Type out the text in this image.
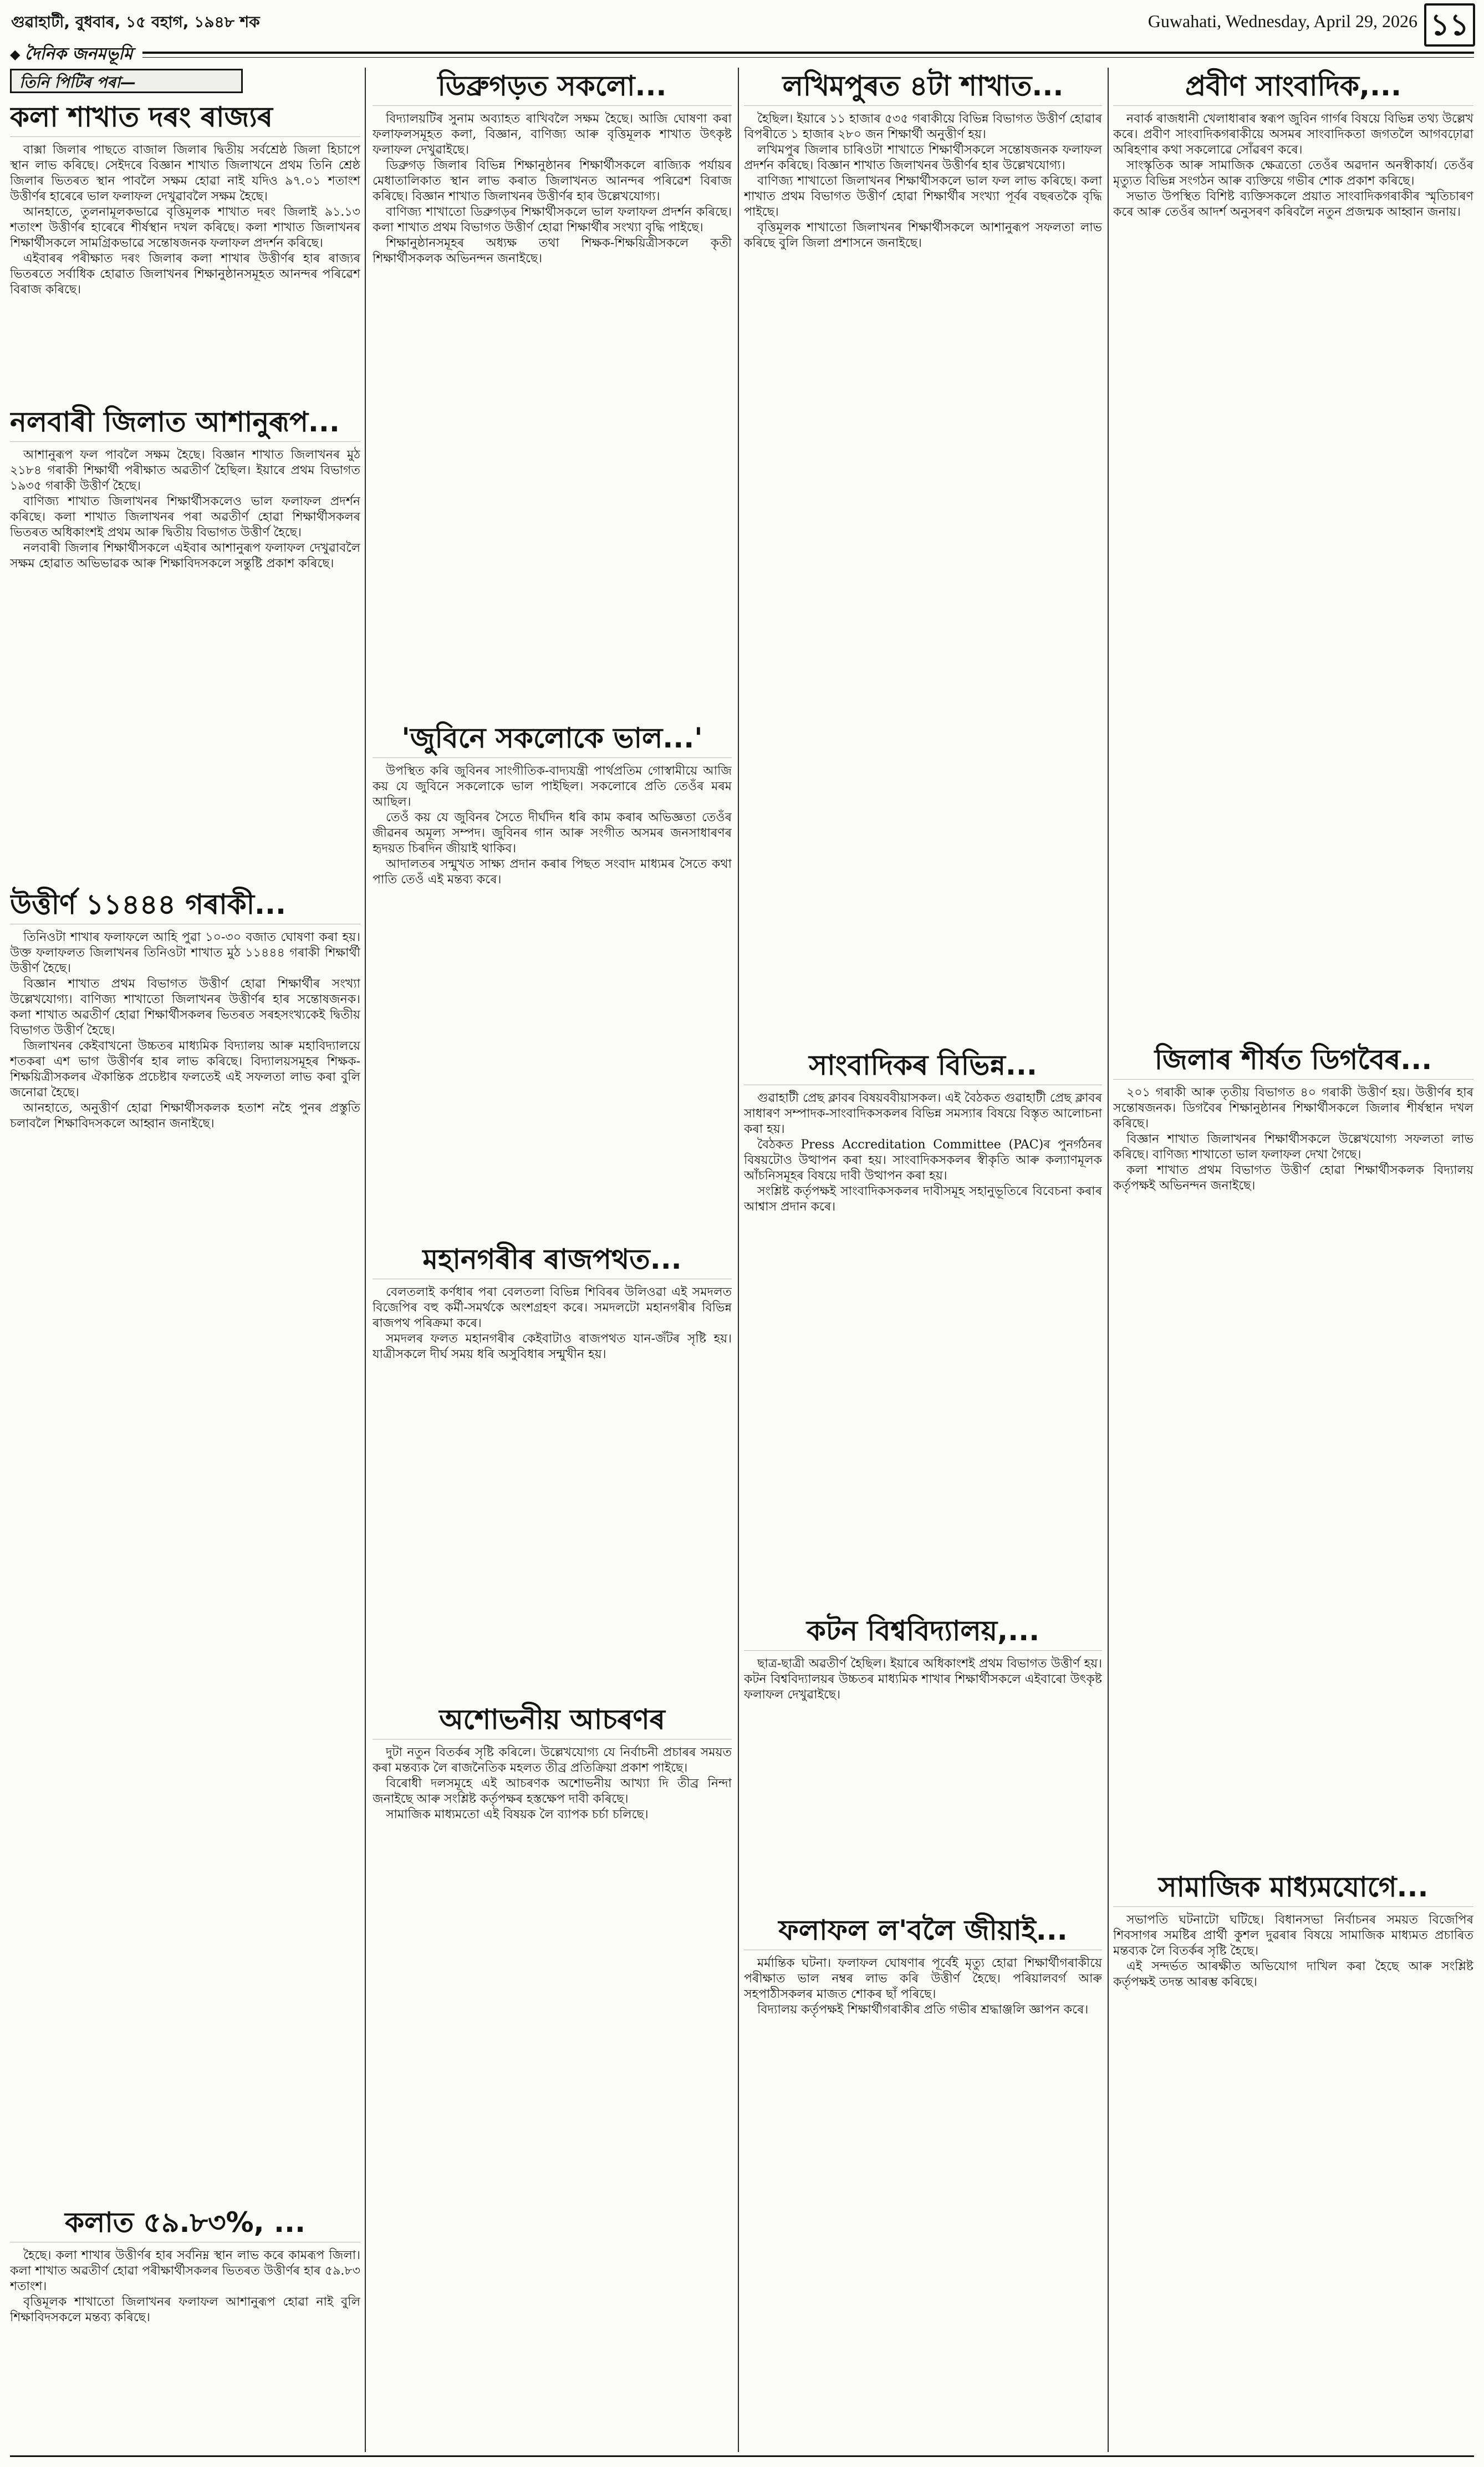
গুৱাহাটী, বুধবাৰ, ১৫ বহাগ, ১৯৪৮ শক	Guwahati, Wednesday, April 29, 2026 ১১
◆ দৈনিক জনমভূমি
তিনি পিটিৰ পৰা—
কলা শাখাত দৰং ৰাজ্যৰ

বাক্সা জিলাৰ পাছতে বাজাল জিলাৰ দ্বিতীয় সৰ্বশ্ৰেষ্ঠ জিলা হিচাপে স্থান লাভ কৰিছে। সেইদৰে বিজ্ঞান শাখাত জিলাখনে প্ৰথম তিনি শ্ৰেষ্ঠ জিলাৰ ভিতৰত স্থান পাবলৈ সক্ষম হোৱা নাই যদিও ৯৭.০১ শতাংশ উত্তীৰ্ণৰ হাৰেৰে ভাল ফলাফল দেখুৱাবলৈ সক্ষম হৈছে।

আনহাতে, তুলনামূলকভাৱে বৃত্তিমূলক শাখাত দৰং জিলাই ৯১.১৩ শতাংশ উত্তীৰ্ণৰ হাৰেৰে শীৰ্ষস্থান দখল কৰিছে। কলা শাখাত জিলাখনৰ শিক্ষাৰ্থীসকলে সামগ্ৰিকভাৱে সন্তোষজনক ফলাফল প্ৰদৰ্শন কৰিছে।

এইবাৰৰ পৰীক্ষাত দৰং জিলাৰ কলা শাখাৰ উত্তীৰ্ণৰ হাৰ ৰাজ্যৰ ভিতৰতে সৰ্বাধিক হোৱাত জিলাখনৰ শিক্ষানুষ্ঠানসমূহত আনন্দৰ পৰিৱেশ বিৰাজ কৰিছে।

নলবাৰী জিলাত আশানুৰূপ...

আশানুৰূপ ফল পাবলৈ সক্ষম হৈছে। বিজ্ঞান শাখাত জিলাখনৰ মুঠ ২১৮৪ গৰাকী শিক্ষাৰ্থী পৰীক্ষাত অৱতীৰ্ণ হৈছিল। ইয়াৰে প্ৰথম বিভাগত ১৯৩৫ গৰাকী উত্তীৰ্ণ হৈছে।

বাণিজ্য শাখাত জিলাখনৰ শিক্ষাৰ্থীসকলেও ভাল ফলাফল প্ৰদৰ্শন কৰিছে। কলা শাখাত জিলাখনৰ পৰা অৱতীৰ্ণ হোৱা শিক্ষাৰ্থীসকলৰ ভিতৰত অধিকাংশই প্ৰথম আৰু দ্বিতীয় বিভাগত উত্তীৰ্ণ হৈছে।

নলবাৰী জিলাৰ শিক্ষাৰ্থীসকলে এইবাৰ আশানুৰূপ ফলাফল দেখুৱাবলৈ সক্ষম হোৱাত অভিভাৱক আৰু শিক্ষাবিদসকলে সন্তুষ্টি প্ৰকাশ কৰিছে।

উত্তীৰ্ণ ১১৪৪৪ গৰাকী...

তিনিওটা শাখাৰ ফলাফলে আহি পুৱা ১০-৩০ বজাত ঘোষণা কৰা হয়। উক্ত ফলাফলত জিলাখনৰ তিনিওটা শাখাত মুঠ ১১৪৪৪ গৰাকী শিক্ষাৰ্থী উত্তীৰ্ণ হৈছে।

বিজ্ঞান শাখাত প্ৰথম বিভাগত উত্তীৰ্ণ হোৱা শিক্ষাৰ্থীৰ সংখ্যা উল্লেখযোগ্য। বাণিজ্য শাখাতো জিলাখনৰ উত্তীৰ্ণৰ হাৰ সন্তোষজনক। কলা শাখাত অৱতীৰ্ণ হোৱা শিক্ষাৰ্থীসকলৰ ভিতৰত সৰহসংখ্যকেই দ্বিতীয় বিভাগত উত্তীৰ্ণ হৈছে।

জিলাখনৰ কেইবাখনো উচ্চতৰ মাধ্যমিক বিদ্যালয় আৰু মহাবিদ্যালয়ে শতকৰা এশ ভাগ উত্তীৰ্ণৰ হাৰ লাভ কৰিছে। বিদ্যালয়সমূহৰ শিক্ষক-শিক্ষয়িত্ৰীসকলৰ ঐকান্তিক প্ৰচেষ্টাৰ ফলতেই এই সফলতা লাভ কৰা বুলি জনোৱা হৈছে।

আনহাতে, অনুত্তীৰ্ণ হোৱা শিক্ষাৰ্থীসকলক হতাশ নহৈ পুনৰ প্ৰস্তুতি চলাবলৈ শিক্ষাবিদসকলে আহ্বান জনাইছে।

কলাত ৫৯.৮৩%, ...

হৈছে। কলা শাখাৰ উত্তীৰ্ণৰ হাৰ সৰ্বনিম্ন স্থান লাভ কৰে কামৰূপ জিলা। কলা শাখাত অৱতীৰ্ণ হোৱা পৰীক্ষাৰ্থীসকলৰ ভিতৰত উত্তীৰ্ণৰ হাৰ ৫৯.৮৩ শতাংশ।

বৃত্তিমূলক শাখাতো জিলাখনৰ ফলাফল আশানুৰূপ হোৱা নাই বুলি শিক্ষাবিদসকলে মন্তব্য কৰিছে।

ডিব্ৰুগড়ত সকলো...

বিদ্যালয়টিৰ সুনাম অব্যাহত ৰাখিবলৈ সক্ষম হৈছে। আজি ঘোষণা কৰা ফলাফলসমূহত কলা, বিজ্ঞান, বাণিজ্য আৰু বৃত্তিমূলক শাখাত উৎকৃষ্ট ফলাফল দেখুৱাইছে।

ডিব্ৰুগড় জিলাৰ বিভিন্ন শিক্ষানুষ্ঠানৰ শিক্ষাৰ্থীসকলে ৰাজ্যিক পৰ্যায়ৰ মেধাতালিকাত স্থান লাভ কৰাত জিলাখনত আনন্দৰ পৰিৱেশ বিৰাজ কৰিছে। বিজ্ঞান শাখাত জিলাখনৰ উত্তীৰ্ণৰ হাৰ উল্লেখযোগ্য।

বাণিজ্য শাখাতো ডিব্ৰুগড়ৰ শিক্ষাৰ্থীসকলে ভাল ফলাফল প্ৰদৰ্শন কৰিছে। কলা শাখাত প্ৰথম বিভাগত উত্তীৰ্ণ হোৱা শিক্ষাৰ্থীৰ সংখ্যা বৃদ্ধি পাইছে।

শিক্ষানুষ্ঠানসমূহৰ অধ্যক্ষ তথা শিক্ষক-শিক্ষয়িত্ৰীসকলে কৃতী শিক্ষাৰ্থীসকলক অভিনন্দন জনাইছে।

'জুবিনে সকলোকে ভাল...'

উপস্থিত কৰি জুবিনৰ সাংগীতিক-বাদ্যযন্ত্ৰী পাৰ্থপ্ৰতিম গোস্বামীয়ে আজি কয় যে জুবিনে সকলোকে ভাল পাইছিল। সকলোৰে প্ৰতি তেওঁৰ মৰম আছিল।

তেওঁ কয় যে জুবিনৰ সৈতে দীৰ্ঘদিন ধৰি কাম কৰাৰ অভিজ্ঞতা তেওঁৰ জীৱনৰ অমূল্য সম্পদ। জুবিনৰ গান আৰু সংগীত অসমৰ জনসাধাৰণৰ হৃদয়ত চিৰদিন জীয়াই থাকিব।

আদালতৰ সন্মুখত সাক্ষ্য প্ৰদান কৰাৰ পিছত সংবাদ মাধ্যমৰ সৈতে কথা পাতি তেওঁ এই মন্তব্য কৰে।

মহানগৰীৰ ৰাজপথত...

বেলতলাই কৰ্ণধাৰ পৰা বেলতলা বিভিন্ন শিবিৰৰ উলিওৱা এই সমদলত বিজেপিৰ বহু কৰ্মী-সমৰ্থকে অংশগ্ৰহণ কৰে। সমদলটো মহানগৰীৰ বিভিন্ন ৰাজপথ পৰিক্ৰমা কৰে।

সমদলৰ ফলত মহানগৰীৰ কেইবাটাও ৰাজপথত যান-জঁটৰ সৃষ্টি হয়। যাত্ৰীসকলে দীৰ্ঘ সময় ধৰি অসুবিধাৰ সন্মুখীন হয়।

অশোভনীয় আচৰণৰ

দুটা নতুন বিতৰ্কৰ সৃষ্টি কৰিলে। উল্লেখযোগ্য যে নিৰ্বাচনী প্ৰচাৰৰ সময়ত কৰা মন্তব্যক লৈ ৰাজনৈতিক মহলত তীব্ৰ প্ৰতিক্ৰিয়া প্ৰকাশ পাইছে।

বিৰোধী দলসমূহে এই আচৰণক অশোভনীয় আখ্যা দি তীব্ৰ নিন্দা জনাইছে আৰু সংশ্লিষ্ট কৰ্তৃপক্ষৰ হস্তক্ষেপ দাবী কৰিছে।

সামাজিক মাধ্যমতো এই বিষয়ক লৈ ব্যাপক চৰ্চা চলিছে।

লখিমপুৰত ৪টা শাখাত...

হৈছিল। ইয়াৰে ১১ হাজাৰ ৫৩৫ গৰাকীয়ে বিভিন্ন বিভাগত উত্তীৰ্ণ হোৱাৰ বিপৰীতে ১ হাজাৰ ২৮০ জন শিক্ষাৰ্থী অনুত্তীৰ্ণ হয়।

লখিমপুৰ জিলাৰ চাৰিওটা শাখাতে শিক্ষাৰ্থীসকলে সন্তোষজনক ফলাফল প্ৰদৰ্শন কৰিছে। বিজ্ঞান শাখাত জিলাখনৰ উত্তীৰ্ণৰ হাৰ উল্লেখযোগ্য।

বাণিজ্য শাখাতো জিলাখনৰ শিক্ষাৰ্থীসকলে ভাল ফল লাভ কৰিছে। কলা শাখাত প্ৰথম বিভাগত উত্তীৰ্ণ হোৱা শিক্ষাৰ্থীৰ সংখ্যা পূৰ্বৰ বছৰতকৈ বৃদ্ধি পাইছে।

বৃত্তিমূলক শাখাতো জিলাখনৰ শিক্ষাৰ্থীসকলে আশানুৰূপ সফলতা লাভ কৰিছে বুলি জিলা প্ৰশাসনে জনাইছে।

সাংবাদিকৰ বিভিন্ন...

গুৱাহাটী প্ৰেছ ক্লাবৰ বিষয়ববীয়াসকল। এই বৈঠকত গুৱাহাটী প্ৰেছ ক্লাবৰ সাধাৰণ সম্পাদক-সাংবাদিকসকলৰ বিভিন্ন সমস্যাৰ বিষয়ে বিস্তৃত আলোচনা কৰা হয়।

বৈঠকত Press Accreditation Committee (PAC)ৰ পুনৰ্গঠনৰ বিষয়টোও উত্থাপন কৰা হয়। সাংবাদিকসকলৰ স্বীকৃতি আৰু কল্যাণমূলক আঁচনিসমূহৰ বিষয়ে দাবী উত্থাপন কৰা হয়।

সংশ্লিষ্ট কৰ্তৃপক্ষই সাংবাদিকসকলৰ দাবীসমূহ সহানুভূতিৰে বিবেচনা কৰাৰ আশ্বাস প্ৰদান কৰে।

কটন বিশ্ববিদ্যালয়,...

ছাত্ৰ-ছাত্ৰী অৱতীৰ্ণ হৈছিল। ইয়াৰে অধিকাংশই প্ৰথম বিভাগত উত্তীৰ্ণ হয়। কটন বিশ্ববিদ্যালয়ৰ উচ্চতৰ মাধ্যমিক শাখাৰ শিক্ষাৰ্থীসকলে এইবাৰো উৎকৃষ্ট ফলাফল দেখুৱাইছে।

ফলাফল ল'বলৈ জীয়াই...

মৰ্মান্তিক ঘটনা। ফলাফল ঘোষণাৰ পূৰ্বেই মৃত্যু হোৱা শিক্ষাৰ্থীগৰাকীয়ে পৰীক্ষাত ভাল নম্বৰ লাভ কৰি উত্তীৰ্ণ হৈছে। পৰিয়ালবৰ্গ আৰু সহপাঠীসকলৰ মাজত শোকৰ ছাঁ পৰিছে।

বিদ্যালয় কৰ্তৃপক্ষই শিক্ষাৰ্থীগৰাকীৰ প্ৰতি গভীৰ শ্ৰদ্ধাঞ্জলি জ্ঞাপন কৰে।

প্ৰবীণ সাংবাদিক,...

নবাৰ্ক ৰাজধানী খেলাধাৰাৰ স্বৰূপ জুবিন গাৰ্গৰ বিষয়ে বিভিন্ন তথ্য উল্লেখ কৰে। প্ৰবীণ সাংবাদিকগৰাকীয়ে অসমৰ সাংবাদিকতা জগতলৈ আগবঢ়োৱা অৰিহণাৰ কথা সকলোৱে সোঁৱৰণ কৰে।

সাংস্কৃতিক আৰু সামাজিক ক্ষেত্ৰতো তেওঁৰ অৱদান অনস্বীকাৰ্য। তেওঁৰ মৃত্যুত বিভিন্ন সংগঠন আৰু ব্যক্তিয়ে গভীৰ শোক প্ৰকাশ কৰিছে।

সভাত উপস্থিত বিশিষ্ট ব্যক্তিসকলে প্ৰয়াত সাংবাদিকগৰাকীৰ স্মৃতিচাৰণ কৰে আৰু তেওঁৰ আদৰ্শ অনুসৰণ কৰিবলৈ নতুন প্ৰজন্মক আহ্বান জনায়।

জিলাৰ শীৰ্ষত ডিগবৈৰ...

২০১ গৰাকী আৰু তৃতীয় বিভাগত ৪০ গৰাকী উত্তীৰ্ণ হয়। উত্তীৰ্ণৰ হাৰ সন্তোষজনক। ডিগবৈৰ শিক্ষানুষ্ঠানৰ শিক্ষাৰ্থীসকলে জিলাৰ শীৰ্ষস্থান দখল কৰিছে।

বিজ্ঞান শাখাত জিলাখনৰ শিক্ষাৰ্থীসকলে উল্লেখযোগ্য সফলতা লাভ কৰিছে। বাণিজ্য শাখাতো ভাল ফলাফল দেখা গৈছে।

কলা শাখাত প্ৰথম বিভাগত উত্তীৰ্ণ হোৱা শিক্ষাৰ্থীসকলক বিদ্যালয় কৰ্তৃপক্ষই অভিনন্দন জনাইছে।

সামাজিক মাধ্যমযোগে...

সভাপতি ঘটনাটো ঘটিছে। বিধানসভা নিৰ্বাচনৰ সময়ত বিজেপিৰ শিবসাগৰ সমষ্টিৰ প্ৰাৰ্থী কুশল দুৱৰাৰ বিষয়ে সামাজিক মাধ্যমত প্ৰচাৰিত মন্তব্যক লৈ বিতৰ্কৰ সৃষ্টি হৈছে।

এই সন্দৰ্ভত আৰক্ষীত অভিযোগ দাখিল কৰা হৈছে আৰু সংশ্লিষ্ট কৰ্তৃপক্ষই তদন্ত আৰম্ভ কৰিছে।
